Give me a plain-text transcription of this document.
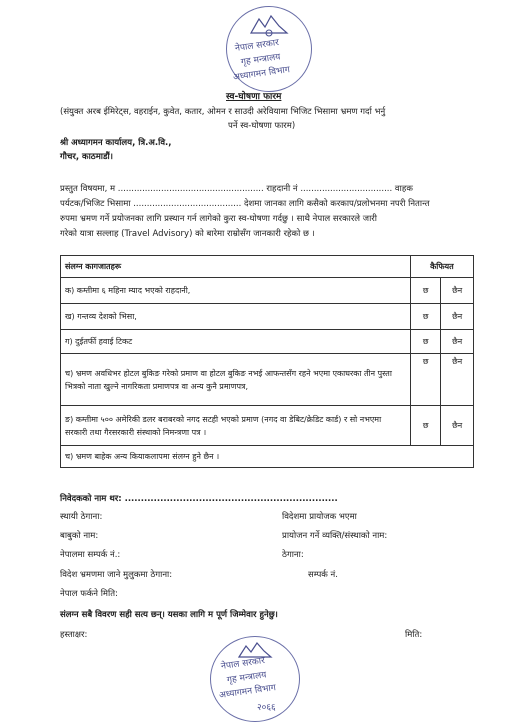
नेपाल सरकार
गृह मन्त्रालय
अध्यागमन विभाग
स्व-घोषणा फारम
(संयुक्त अरब ईमिरेट्स, वहराईन, कुवेत, कतार, ओमन र साउदी अरेवियामा भिजिट भिसामा भ्रमण गर्दा भर्नु
पर्ने स्व-घोषणा फारम)
श्री अध्यागमन कार्यालय, त्रि.अ.वि.,
गौचर, काठमाडौं।
प्रस्तुत विषयमा, म ...................................................... राहदानी नं .................................. वाहक
पर्यटक/भिजिट भिसामा ........................................ देशमा जानका लागि कसैको करकाप/प्रलोभनमा नपरी नितान्त
रुपमा भ्रमण गर्ने प्रयोजनका लागि प्रस्थान गर्न लागेको कुरा स्व-घोषणा गर्दछु । साथै नेपाल सरकारले जारी
गरेको यात्रा सल्लाह (Travel Advisory) को बारेमा राम्रोसँग जानकारी रहेको छ ।
संलग्न कागजातहरू	कैफियत	
क) कम्तीमा ६ महिना म्याद भएको राहदानी,	छ	छैन
ख) गन्तव्य देशको भिसा,	छ	छैन
ग) दुईतर्फी हवाई टिकट	छ	छैन
च) भ्रमण अवधिभर होटल बुकिङ गरेको प्रमाण वा होटल बुकिङ नभई आफन्तसँग रहने भएमा एकाघरका तीन पुस्ता भित्रको नाता खुल्ने नागरिकता प्रमाणपत्र वा अन्य कुनै प्रमाणपत्र,	छ	छैन
ङ) कम्तीमा ५०० अमेरिकी डलर बराबरको नगद सटही भएको प्रमाण (नगद वा डेबिट/क्रेडिट कार्ड) र सो नभएमा सरकारी तथा गैरसरकारी संस्थाको निमन्त्रणा पत्र ।	छ	छैन
च) भ्रमण बाहेक अन्य कियाकलापमा संलग्न हुने छैन ।		
निवेदकको नाम थर: ..................................................................
स्थायी ठेगाना:	विदेशमा प्रायोजक भएमा
बाबुको नाम:	प्रायोजन गर्ने व्यक्ति/संस्थाको नाम:
नेपालमा सम्पर्क नं.:	ठेगाना:
विदेश भ्रमणमा जाने मुलुकमा ठेगाना:	सम्पर्क नं.
नेपाल फर्कने मिति:
संलग्न सबै विवरण सही सत्य छन्। यसका लागि म पूर्ण जिम्मेवार हुनेछु।
हस्ताक्षर:	मिति:
नेपाल सरकार
गृह मन्त्रालय
अध्यागमन विभाग
२०६६
